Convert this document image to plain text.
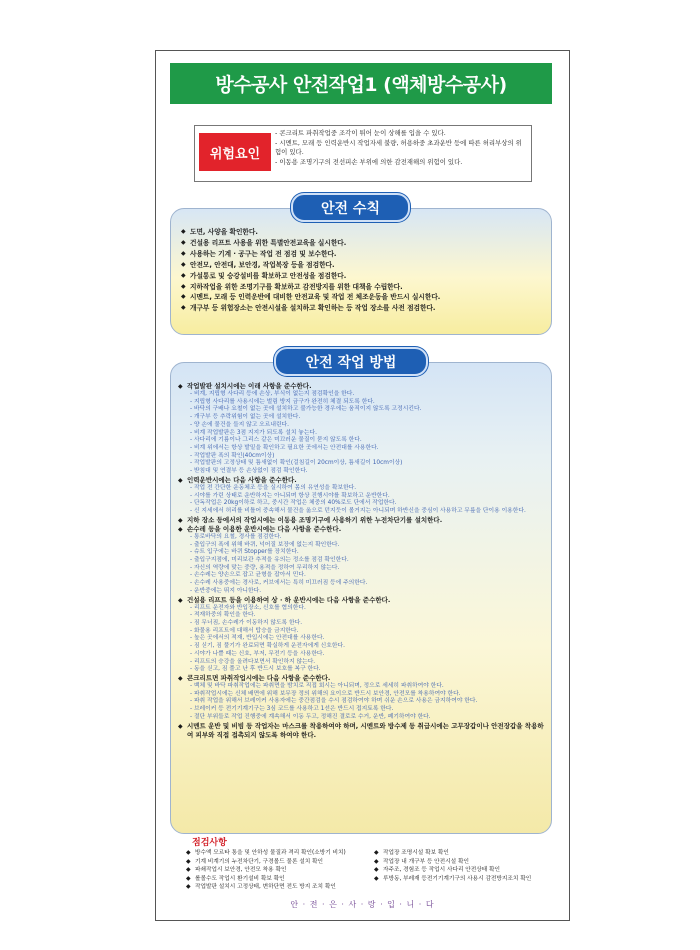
방수공사 안전작업1 (액체방수공사)
위험요인
- 콘크리트 파취작업중 조각이 튀어 눈이 상해를 입을 수 있다.
- 시멘트, 모래 등 인력운반시 작업자세 불량, 허용하중 초과운반 등에 따른 허리부상의 위험이 있다.
- 이동용 조명기구의 전선피손 부위에 의한 감전재해의 위험이 있다.
◆ 도면, 사양을 확인한다.
◆ 건설용 리프트 사용을 위한 특별안전교육을 실시한다.
◆ 사용하는 기계 · 공구는 작업 전 점검 및 보수한다.
◆ 안전모, 안전대, 보안경, 작업복장 등을 점검한다.
◆ 가설통로 및 승강설비를 확보하고 안전성을 점검한다.
◆ 지하작업을 위한 조명기구를 확보하고 감전방지를 위한 대책을 수립한다.
◆ 시멘트, 모래 등 인력운반에 대비한 안전교육 및 작업 전 체조운동을 반드시 실시한다.
◆ 개구부 등 위험장소는 안전시설을 설치하고 확인하는 등 작업 장소를 사전 점검한다.
안전 수칙
◆ 작업발판 설치시에는 이래 사항을 준수한다.
- 비계, 지립형 사다리 등에 손상, 부식이 없는지 점검확인을 한다.
- 지립형 사다리를 사용시에는 벌림 방지 금구가 완전히 체결 되도록 한다.
- 바닥의 구배나 요철이 없는 곳에 설치하고 불가능한 경우에는 움직이지 않도록 고정시킨다.
- 개구부 등 추락위험이 없는 곳에 설치한다.
- 양 손에 물건을 들지 않고 오르내린다.
- 비계 작업발판은 3점 지지가 되도록 설치 놓는다.
- 사다리에 기름이나 그리스 같은 미끄러운 물질이 묻지 않도록 한다.
- 비계 위에서는 항상 발밑을 확인하고 필요한 곳에서는 안전대를 사용한다.
- 작업발판 폭의 확인(40cm이상)
- 작업발판의 고정상태 및 틈새없이 확인(걸침길이 20cm이상, 틈새길이 10cm이상)
- 받침대 및 연결부 등 손상없이 점검 확인한다.
◆ 인력운반시에는 다음 사항을 준수한다.
- 작업 전 간단한 운동체조 등을 실시하여 몸의 유연성을 확보한다.
- 시야를 가린 상태로 운반하지는 아니되며 항상 진행시야를 확보하고 운반한다.
- 단독작업은 20kg이하로 하고, 중시간 작업은 체중의 40%로도 단에서 작업한다.
- 신 지세에서 허리를 비틀어 중속해서 물건을 옮으로 던지듯이 볼거지는 아니되며 하반신을 중심이 사용하고 무릎을 단이용 이용한다.
◆ 지하 장소 등에서의 작업시에는 이동용 조명기구에 사용하기 위한 누전차단기를 설치한다.
◆ 손수레 등을 이용한 운반시에는 다음 사항을 준수한다.
- 통로바닥의 요철, 경사를 점검한다.
- 출입구의 폭에 위해 바퀴, 넉어질 보장에 없는지 확인한다.
- 슈트 입구에는 바퀴 Stopper를 장치한다.
- 출입구지점에, 미리보관 추적을 유의는 정소를 점검 확인한다.
- 자신의 역량에 맞는 중량, 용적을 정하여 무리하지 않는다.
- 손수레는 양손으로 잡고 균형을 잡아서 민다.
- 손수레 사용중에는 경사로, 커브에서는 특히 미끄러짐 등에 주의한다.
- 운반중에는 뛰지 아니한다.
◆ 건설용 리프트 등을 이용하여 상 · 하 운반시에는 다음 사항을 준수한다.
- 리프트 운전자와 반입장소, 신호를 협의한다.
- 적재하중의 확인을 한다.
- 짐 무너짐, 손수레가 이동하지 않도록 한다.
- 화물용 리프트에 대해서 탑승을 금지한다.
- 높은 곳에서의 적재, 반입시에는 안전대를 사용한다.
- 짐 싣기, 짐 풀기가 완료되면 확실하게 운전자에게 신호한다.
- 시야가 나쁠 때는 신호, 부저, 무전기 등을 사용한다.
- 리프트의 승강을 올려다보면서 확인하지 않는다.
- 동을 싣고, 짐 풀고 난 후 반드시 보호를 복구 한다.
◆ 콘크리트면 파취작업시에는 다음 사항을 준수한다.
- 백체 및 바닥 파취작업에는 파취면을 밤치로 직접 회시는 아니되며, 정으로 세세히 파취하여야 한다.
- 파취작업시에는 신체 배면에 위해 보무장 정의 위해의 요이으로 반드시 보안경, 안전모를 착용하여야 한다.
- 파취 작업을 위해서 브레이커 사용자에는 중간점검을 수시 점검하여야 하며 쉬운 손으로 사용은 금지하여야 한다.
- 브레이커 등 전기기계기구는 3심 코드를 사용하고 1선은 반드시 접지토록 한다.
- 절단 부위들로 작업 진행중에 계속해서 이동 두고, 정해진 결로로 수거, 운반, 폐기하여야 한다.
◆ 시멘트 운반 및 비빔 등 작업자는 마스크를 착용하여야 하며, 시멘트와 방수제 등 취급시에는 고무장갑이나 안전장갑을 착용하여 피부와 직접 접촉되지 않도록 하여야 한다.
안전 작업 방법
점검사항
◆ 방수액 모르타 통을 및 안하성 물질과 격리 확인(소방기 비치)
◆ 기계 비계기의 누전차단기, 구경볼드 물론 설치 확인
◆ 파쇄작업시 보안경, 안전모 착용 확인
◆ 롤볼수도 작업시 환기설비 확보 확인
◆ 작업발판 설치시 고정상태, 변하단면 전도 방지 조치 확인
◆ 작업장 조명시설 확보 확인
◆ 작업장 내 개구부 등 안전시설 확인
◆ 자주조, 경험조 등 작업시 사다리 안전상태 확인
◆ 루방동, 부레재 등전기기계기구의 사용시 감전방지조치 확인
안 · 전 · 은 · 사 · 랑 · 입 · 니 · 다
